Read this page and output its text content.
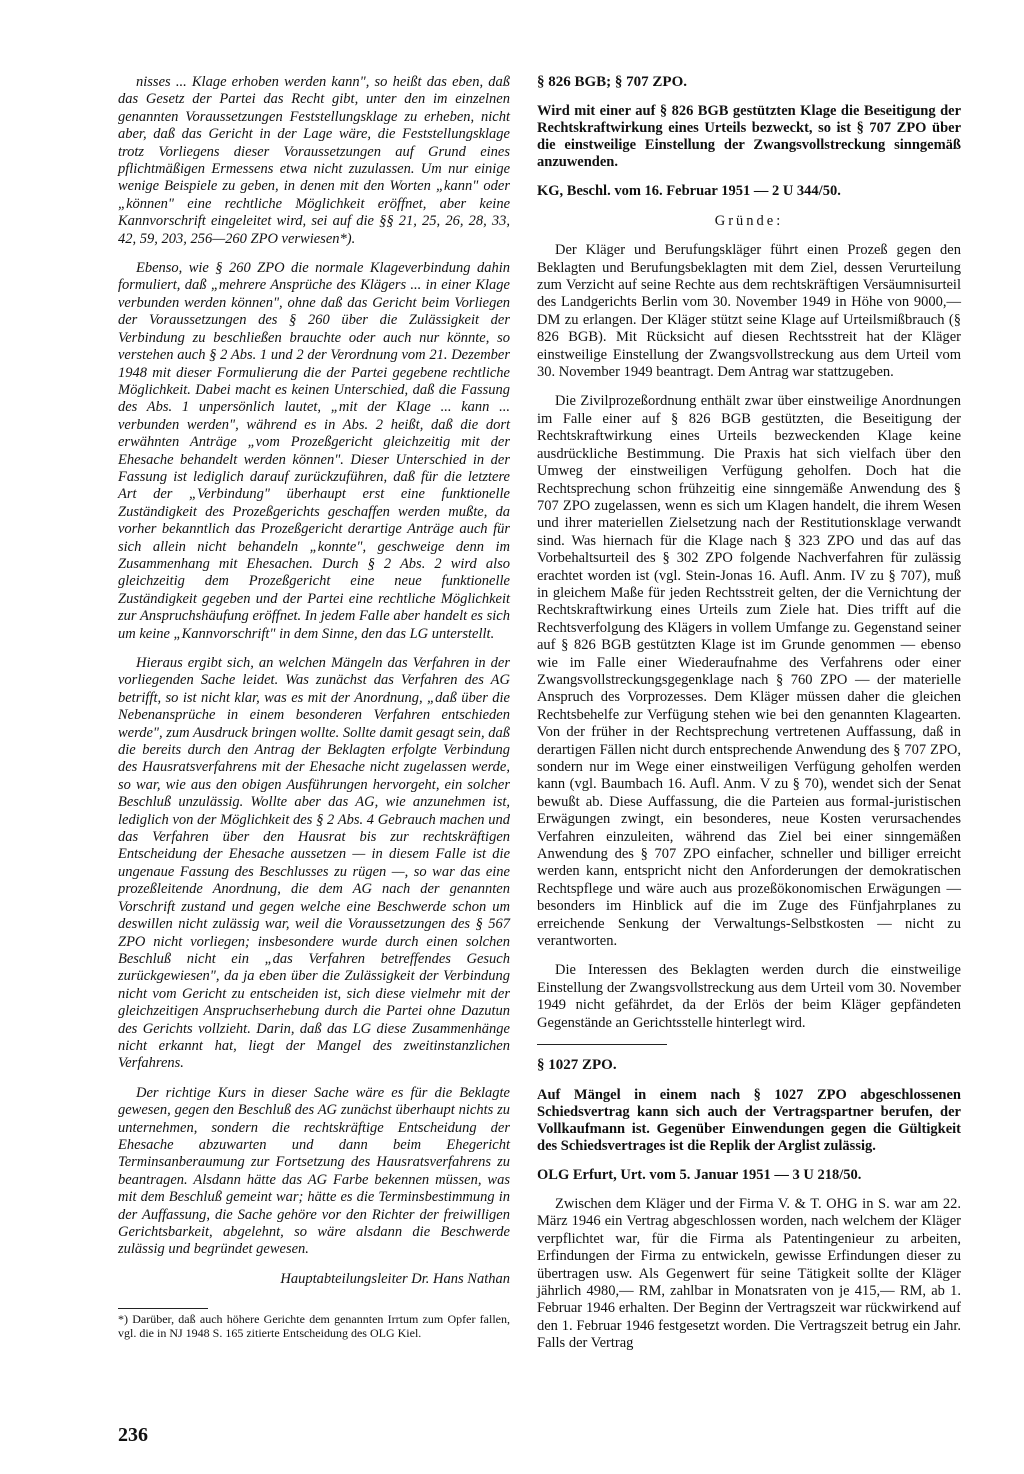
nisses ... Klage erhoben werden kann", so heißt das eben, daß das Gesetz der Partei das Recht gibt, unter den im einzelnen genannten Voraussetzungen Feststellungsklage zu erheben, nicht aber, daß das Gericht in der Lage wäre, die Feststellungsklage trotz Vorliegens dieser Voraussetzungen auf Grund eines pflichtmäßigen Ermessens etwa nicht zuzulassen. Um nur einige wenige Beispiele zu geben, in denen mit den Worten „kann" oder „können" eine rechtliche Möglichkeit eröffnet, aber keine Kannvorschrift eingeleitet wird, sei auf die §§ 21, 25, 26, 28, 33, 42, 59, 203, 256—260 ZPO verwiesen*).

Ebenso, wie § 260 ZPO die normale Klageverbindung dahin formuliert, daß „mehrere Ansprüche des Klägers ... in einer Klage verbunden werden können", ohne daß das Gericht beim Vorliegen der Voraussetzungen des § 260 über die Zulässigkeit der Verbindung zu beschließen brauchte oder auch nur könnte, so verstehen auch § 2 Abs. 1 und 2 der Verordnung vom 21. Dezember 1948 mit dieser Formulierung die der Partei gegebene rechtliche Möglichkeit. Dabei macht es keinen Unterschied, daß die Fassung des Abs. 1 unpersönlich lautet, „mit der Klage ... kann ... verbunden werden", während es in Abs. 2 heißt, daß die dort erwähnten Anträge „vom Prozeßgericht gleichzeitig mit der Ehesache behandelt werden können". Dieser Unterschied in der Fassung ist lediglich darauf zurückzuführen, daß für die letztere Art der „Verbindung" überhaupt erst eine funktionelle Zuständigkeit des Prozeßgerichts geschaffen werden mußte, da vorher bekanntlich das Prozeßgericht derartige Anträge auch für sich allein nicht behandeln „konnte", geschweige denn im Zusammenhang mit Ehesachen. Durch § 2 Abs. 2 wird also gleichzeitig dem Prozeßgericht eine neue funktionelle Zuständigkeit gegeben und der Partei eine rechtliche Möglichkeit zur Anspruchshäufung eröffnet. In jedem Falle aber handelt es sich um keine „Kannvorschrift" in dem Sinne, den das LG unterstellt.

Hieraus ergibt sich, an welchen Mängeln das Verfahren in der vorliegenden Sache leidet. Was zunächst das Verfahren des AG betrifft, so ist nicht klar, was es mit der Anordnung, „daß über die Nebenansprüche in einem besonderen Verfahren entschieden werde", zum Ausdruck bringen wollte. Sollte damit gesagt sein, daß die bereits durch den Antrag der Beklagten erfolgte Verbindung des Hausratsverfahrens mit der Ehesache nicht zugelassen werde, so war, wie aus den obigen Ausführungen hervorgeht, ein solcher Beschluß unzulässig. Wollte aber das AG, wie anzunehmen ist, lediglich von der Möglichkeit des § 2 Abs. 4 Gebrauch machen und das Verfahren über den Hausrat bis zur rechtskräftigen Entscheidung der Ehesache aussetzen — in diesem Falle ist die ungenaue Fassung des Beschlusses zu rügen —, so war das eine prozeßleitende Anordnung, die dem AG nach der genannten Vorschrift zustand und gegen welche eine Beschwerde schon um deswillen nicht zulässig war, weil die Voraussetzungen des § 567 ZPO nicht vorliegen; insbesondere wurde durch einen solchen Beschluß nicht ein „das Verfahren betreffendes Gesuch zurückgewiesen", da ja eben über die Zulässigkeit der Verbindung nicht vom Gericht zu entscheiden ist, sich diese vielmehr mit der gleichzeitigen Anspruchserhebung durch die Partei ohne Dazutun des Gerichts vollzieht. Darin, daß das LG diese Zusammenhänge nicht erkannt hat, liegt der Mangel des zweitinstanzlichen Verfahrens.

Der richtige Kurs in dieser Sache wäre es für die Beklagte gewesen, gegen den Beschluß des AG zunächst überhaupt nichts zu unternehmen, sondern die rechtskräftige Entscheidung der Ehesache abzuwarten und dann beim Ehegericht Terminsanberaumung zur Fortsetzung des Hausratsverfahrens zu beantragen. Alsdann hätte das AG Farbe bekennen müssen, was mit dem Beschluß gemeint war; hätte es die Terminsbestimmung in der Auffassung, die Sache gehöre vor den Richter der freiwilligen Gerichtsbarkeit, abgelehnt, so wäre alsdann die Beschwerde zulässig und begründet gewesen.

Hauptabteilungsleiter Dr. Hans Nathan

*) Darüber, daß auch höhere Gerichte dem genannten Irrtum zum Opfer fallen, vgl. die in NJ 1948 S. 165 zitierte Entscheidung des OLG Kiel.

§ 826 BGB; § 707 ZPO.

Wird mit einer auf § 826 BGB gestützten Klage die Beseitigung der Rechtskraftwirkung eines Urteils bezweckt, so ist § 707 ZPO über die einstweilige Einstellung der Zwangsvollstreckung sinngemäß anzuwenden.

KG, Beschl. vom 16. Februar 1951 — 2 U 344/50.

Gründe:

Der Kläger und Berufungskläger führt einen Prozeß gegen den Beklagten und Berufungsbeklagten mit dem Ziel, dessen Verurteilung zum Verzicht auf seine Rechte aus dem rechtskräftigen Versäumnisurteil des Landgerichts Berlin vom 30. November 1949 in Höhe von 9000,— DM zu erlangen. Der Kläger stützt seine Klage auf Urteilsmißbrauch (§ 826 BGB). Mit Rücksicht auf diesen Rechtsstreit hat der Kläger einstweilige Einstellung der Zwangsvollstreckung aus dem Urteil vom 30. November 1949 beantragt. Dem Antrag war stattzugeben.

Die Zivilprozeßordnung enthält zwar über einstweilige Anordnungen im Falle einer auf § 826 BGB gestützten, die Beseitigung der Rechtskraftwirkung eines Urteils bezweckenden Klage keine ausdrückliche Bestimmung. Die Praxis hat sich vielfach über den Umweg der einstweiligen Verfügung geholfen. Doch hat die Rechtsprechung schon frühzeitig eine sinngemäße Anwendung des § 707 ZPO zugelassen, wenn es sich um Klagen handelt, die ihrem Wesen und ihrer materiellen Zielsetzung nach der Restitutionsklage verwandt sind. Was hiernach für die Klage nach § 323 ZPO und das auf das Vorbehaltsurteil des § 302 ZPO folgende Nachverfahren für zulässig erachtet worden ist (vgl. Stein-Jonas 16. Aufl. Anm. IV zu § 707), muß in gleichem Maße für jeden Rechtsstreit gelten, der die Vernichtung der Rechtskraftwirkung eines Urteils zum Ziele hat. Dies trifft auf die Rechtsverfolgung des Klägers in vollem Umfange zu. Gegenstand seiner auf § 826 BGB gestützten Klage ist im Grunde genommen — ebenso wie im Falle einer Wiederaufnahme des Verfahrens oder einer Zwangsvollstreckungsgegenklage nach § 760 ZPO — der materielle Anspruch des Vorprozesses. Dem Kläger müssen daher die gleichen Rechtsbehelfe zur Verfügung stehen wie bei den genannten Klagearten. Von der früher in der Rechtsprechung vertretenen Auffassung, daß in derartigen Fällen nicht durch entsprechende Anwendung des § 707 ZPO, sondern nur im Wege einer einstweiligen Verfügung geholfen werden kann (vgl. Baumbach 16. Aufl. Anm. V zu § 70), wendet sich der Senat bewußt ab. Diese Auffassung, die die Parteien aus formal-juristischen Erwägungen zwingt, ein besonderes, neue Kosten verursachendes Verfahren einzuleiten, während das Ziel bei einer sinngemäßen Anwendung des § 707 ZPO einfacher, schneller und billiger erreicht werden kann, entspricht nicht den Anforderungen der demokratischen Rechtspflege und wäre auch aus prozeßökonomischen Erwägungen — besonders im Hinblick auf die im Zuge des Fünfjahrplanes zu erreichende Senkung der Verwaltungs-Selbstkosten — nicht zu verantworten.

Die Interessen des Beklagten werden durch die einstweilige Einstellung der Zwangsvollstreckung aus dem Urteil vom 30. November 1949 nicht gefährdet, da der Erlös der beim Kläger gepfändeten Gegenstände an Gerichtsstelle hinterlegt wird.

§ 1027 ZPO.

Auf Mängel in einem nach § 1027 ZPO abgeschlossenen Schiedsvertrag kann sich auch der Vertragspartner berufen, der Vollkaufmann ist. Gegenüber Einwendungen gegen die Gültigkeit des Schiedsvertrages ist die Replik der Arglist zulässig.

OLG Erfurt, Urt. vom 5. Januar 1951 — 3 U 218/50.

Zwischen dem Kläger und der Firma V. & T. OHG in S. war am 22. März 1946 ein Vertrag abgeschlossen worden, nach welchem der Kläger verpflichtet war, für die Firma als Patentingenieur zu arbeiten, Erfindungen der Firma zu entwickeln, gewisse Erfindungen dieser zu übertragen usw. Als Gegenwert für seine Tätigkeit sollte der Kläger jährlich 4980,— RM, zahlbar in Monatsraten von je 415,— RM, ab 1. Februar 1946 erhalten. Der Beginn der Vertragszeit war rückwirkend auf den 1. Februar 1946 festgesetzt worden. Die Vertragszeit betrug ein Jahr. Falls der Vertrag

236
